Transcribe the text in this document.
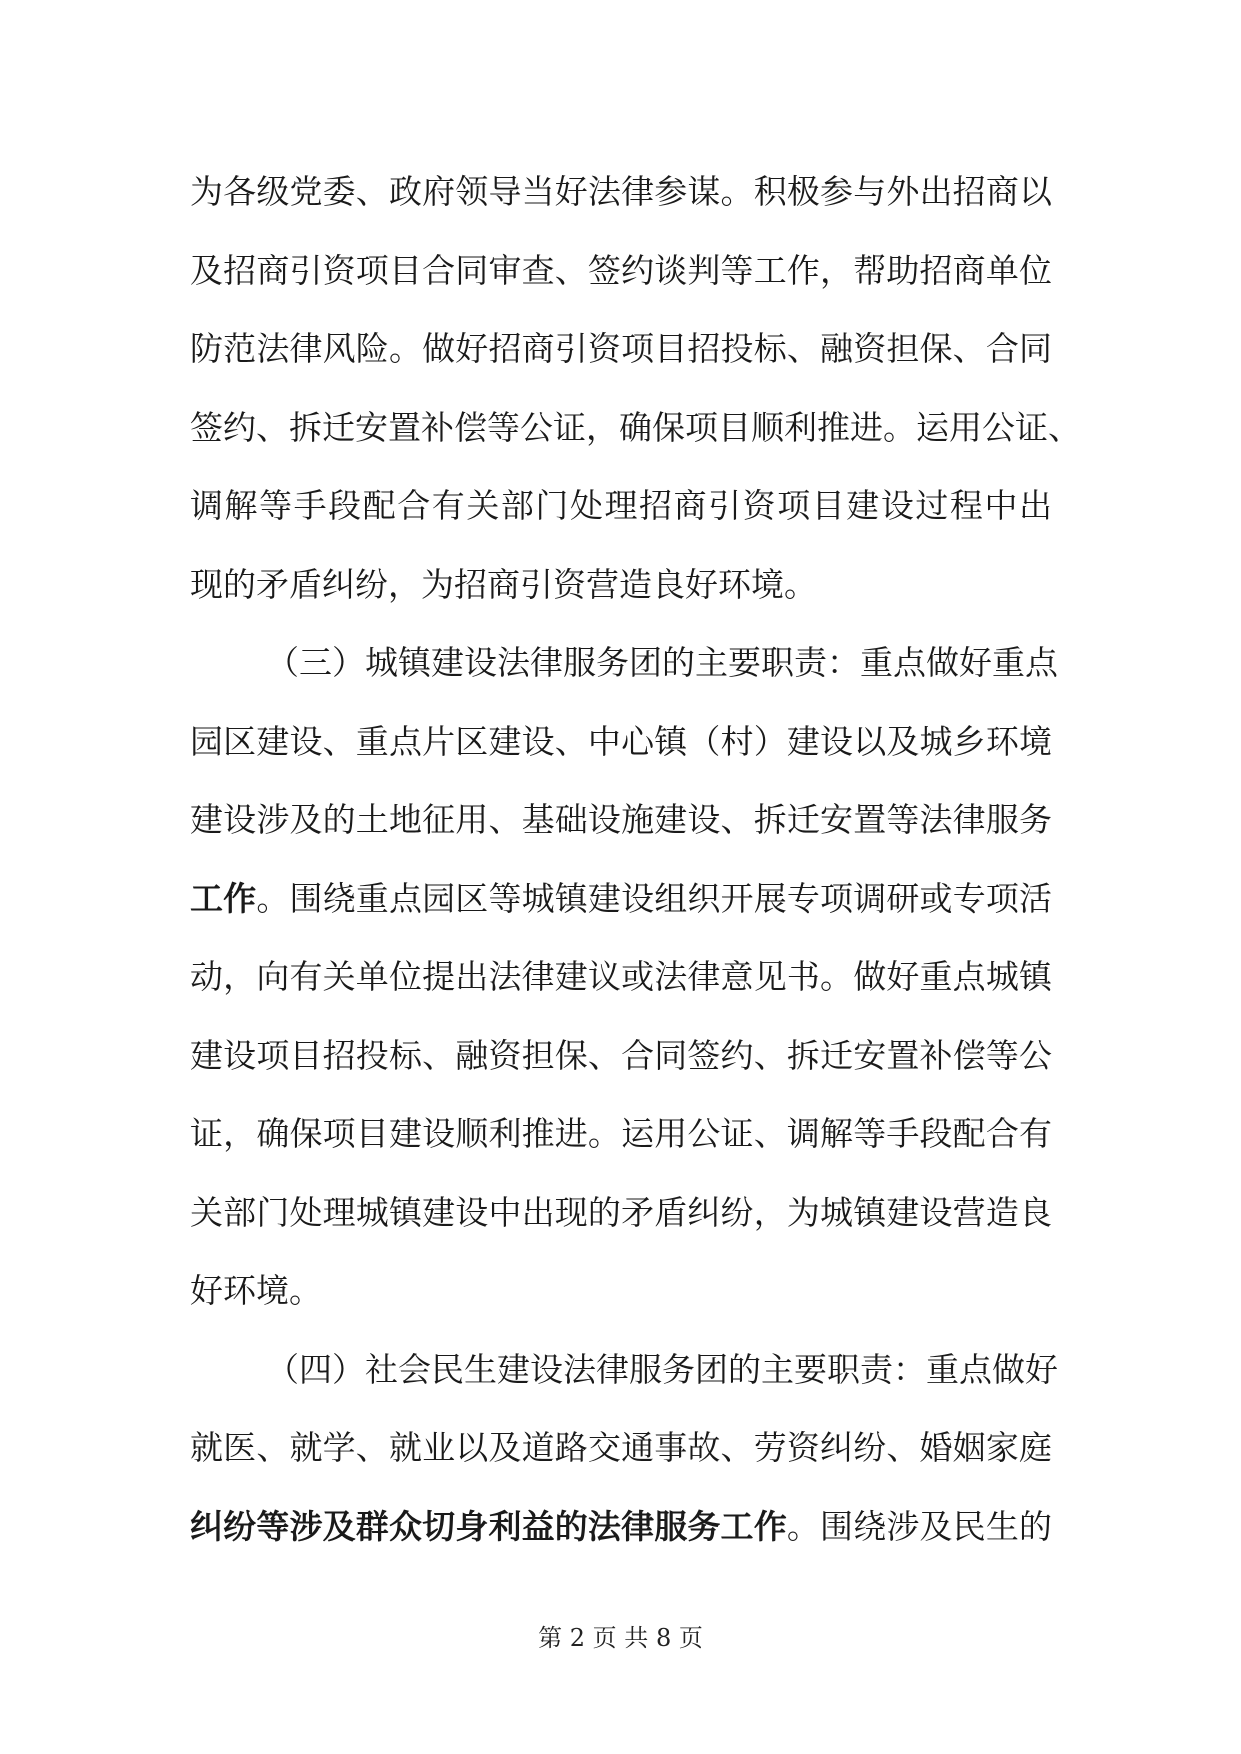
为各级党委、政府领导当好法律参谋。积极参与外出招商以
及招商引资项目合同审查、签约谈判等工作，帮助招商单位
防范法律风险。做好招商引资项目招投标、融资担保、合同
签约、拆迁安置补偿等公证，确保项目顺利推进。运用公证、
调解等手段配合有关部门处理招商引资项目建设过程中出
现的矛盾纠纷，为招商引资营造良好环境。
（三）城镇建设法律服务团的主要职责：重点做好重点
园区建设、重点片区建设、中心镇（村）建设以及城乡环境
建设涉及的土地征用、基础设施建设、拆迁安置等法律服务
工作。围绕重点园区等城镇建设组织开展专项调研或专项活
动，向有关单位提出法律建议或法律意见书。做好重点城镇
建设项目招投标、融资担保、合同签约、拆迁安置补偿等公
证，确保项目建设顺利推进。运用公证、调解等手段配合有
关部门处理城镇建设中出现的矛盾纠纷，为城镇建设营造良
好环境。
（四）社会民生建设法律服务团的主要职责：重点做好
就医、就学、就业以及道路交通事故、劳资纠纷、婚姻家庭
纠纷等涉及群众切身利益的法律服务工作。围绕涉及民生的
第 2 页 共 8 页
